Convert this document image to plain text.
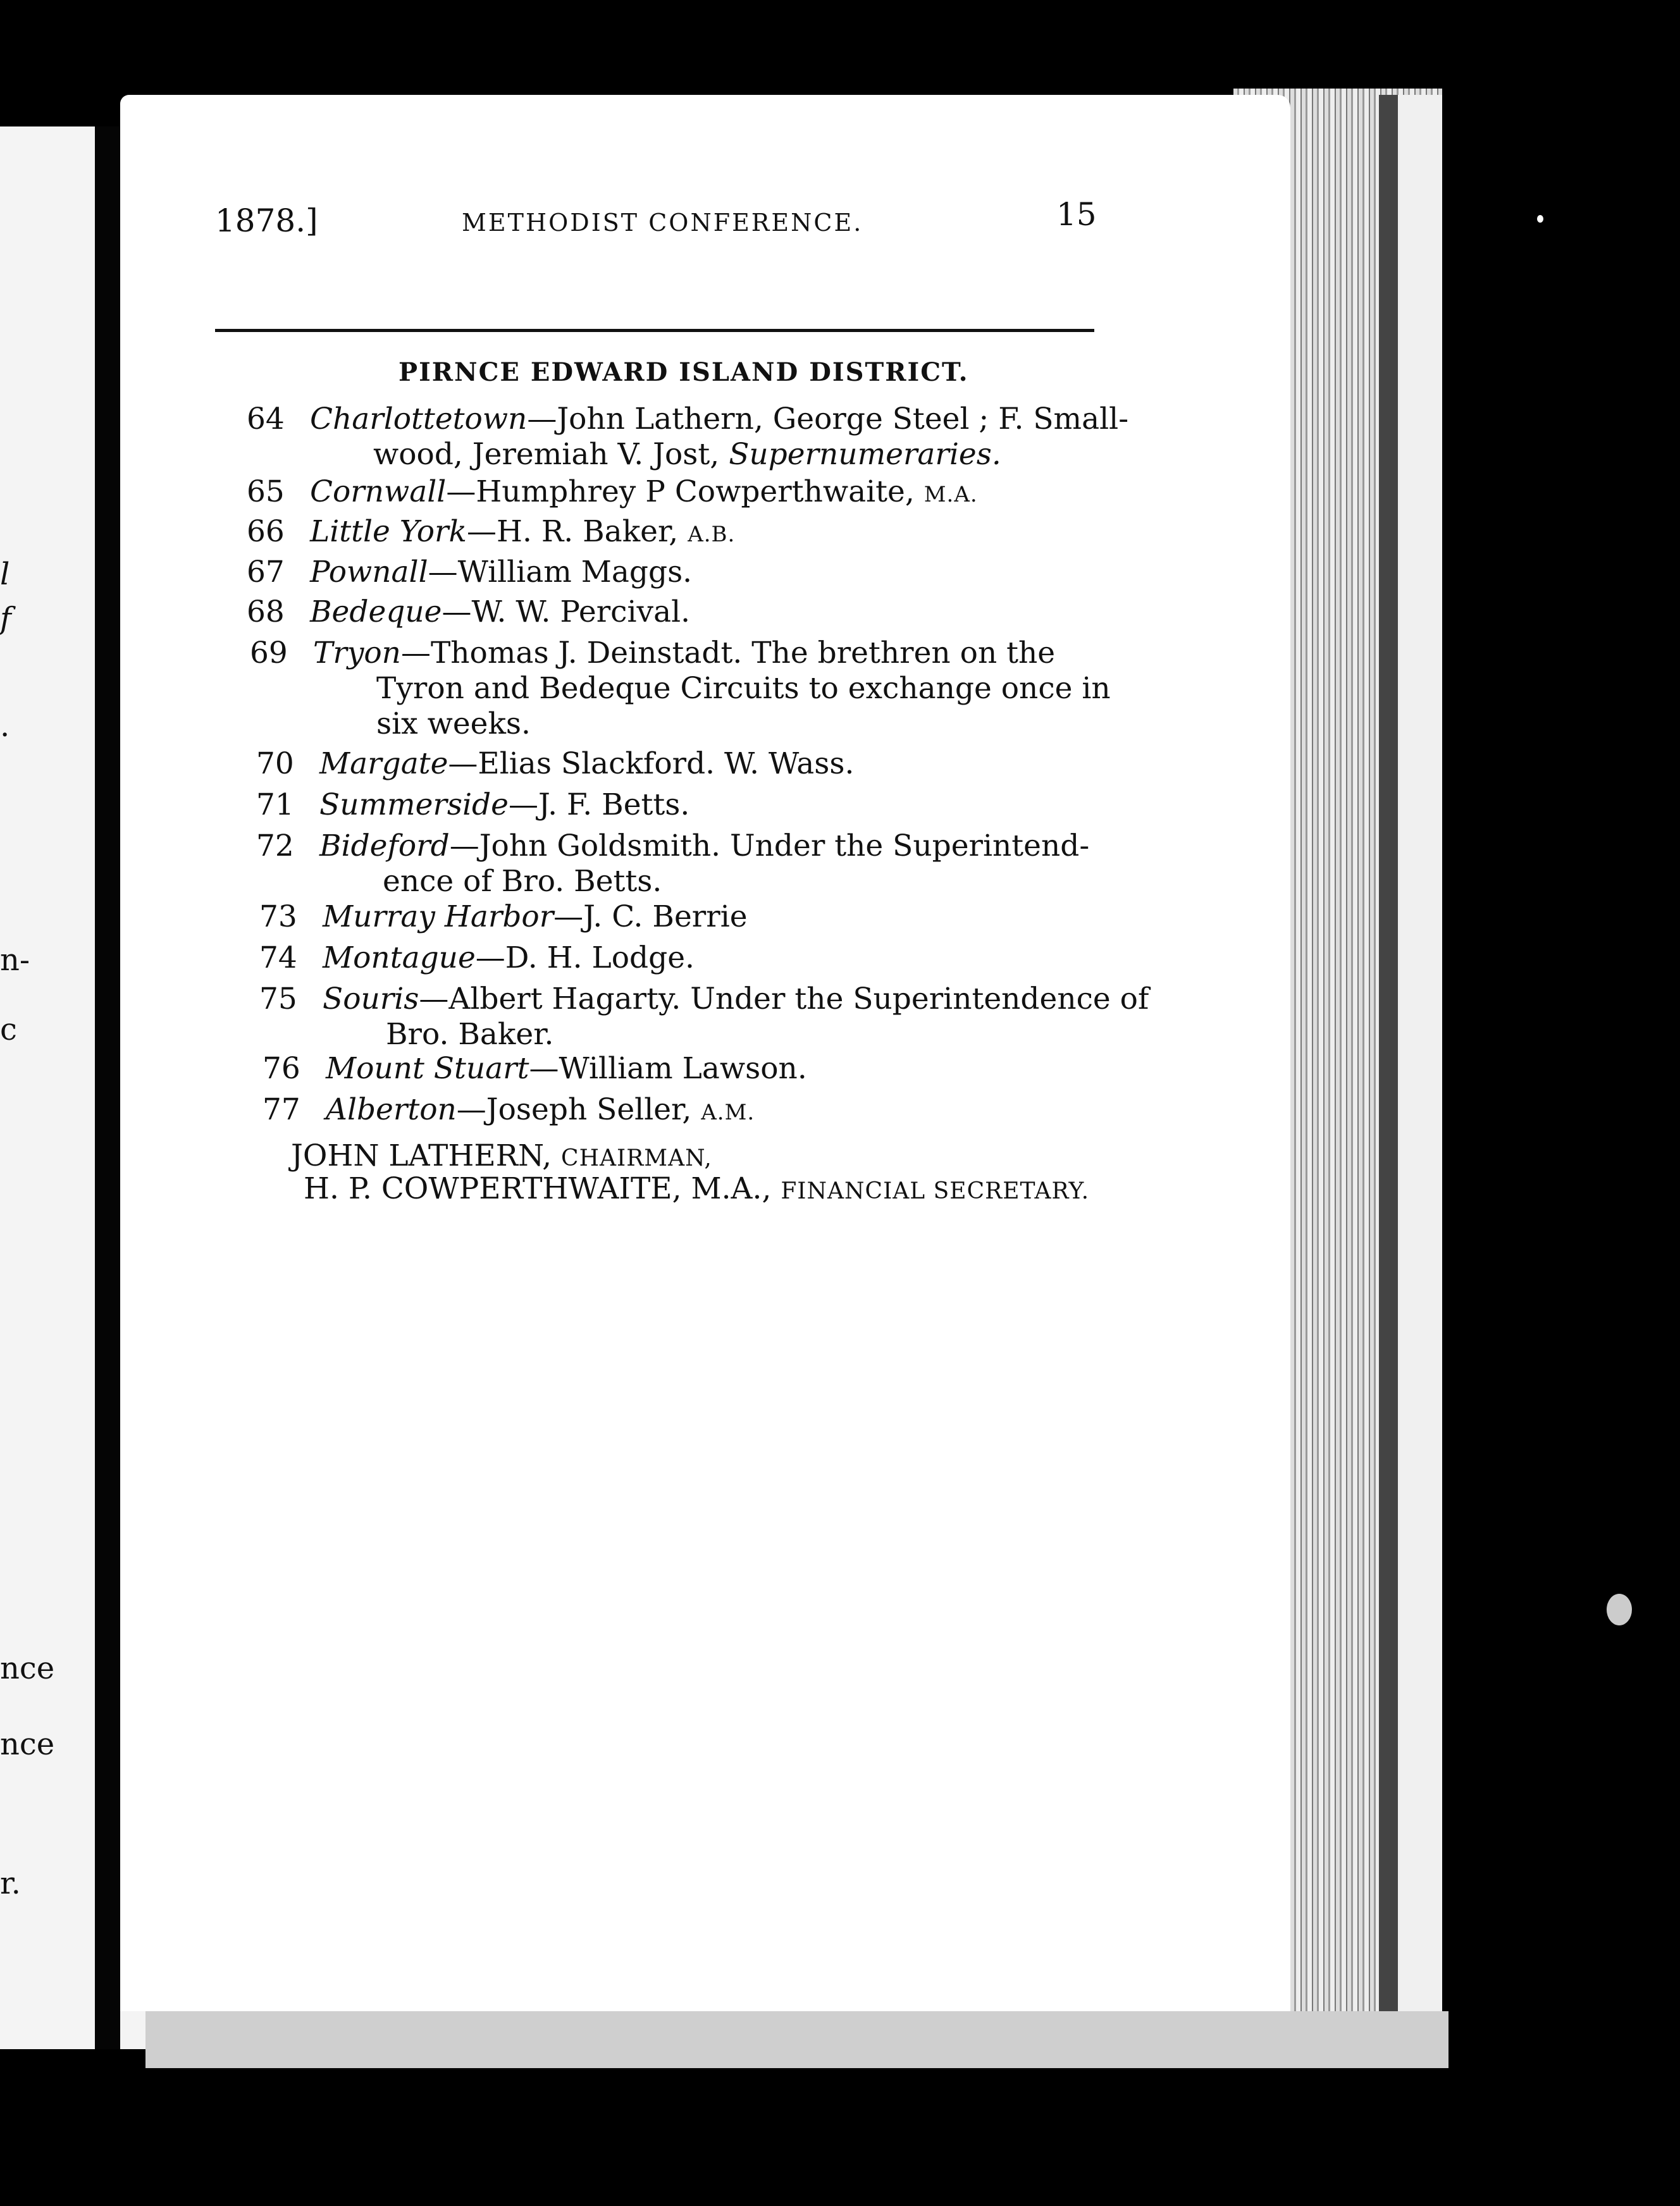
l
f
.
n-
c
nce
nce
r.
1878.]	METHODIST CONFERENCE.	15
PIRNCE EDWARD ISLAND DISTRICT.
64 Charlottetown—John Lathern, George Steel ; F. Small-
wood, Jeremiah V. Jost, Supernumeraries.
65 Cornwall—Humphrey P Cowperthwaite, M.A.
66 Little York—H. R. Baker, A.B.
67 Pownall—William Maggs.
68 Bedeque—W. W. Percival.
69 Tryon—Thomas J. Deinstadt. The brethren on the
Tyron and Bedeque Circuits to exchange once in
six weeks.
70 Margate—Elias Slackford. W. Wass.
71 Summerside—J. F. Betts.
72 Bideford—John Goldsmith. Under the Superintend-
ence of Bro. Betts.
73 Murray Harbor—J. C. Berrie
74 Montague—D. H. Lodge.
75 Souris—Albert Hagarty. Under the Superintendence of
Bro. Baker.
76 Mount Stuart—William Lawson.
77 Alberton—Joseph Seller, A.M.
JOHN LATHERN, CHAIRMAN,
H. P. COWPERTHWAITE, M.A., FINANCIAL SECRETARY.
